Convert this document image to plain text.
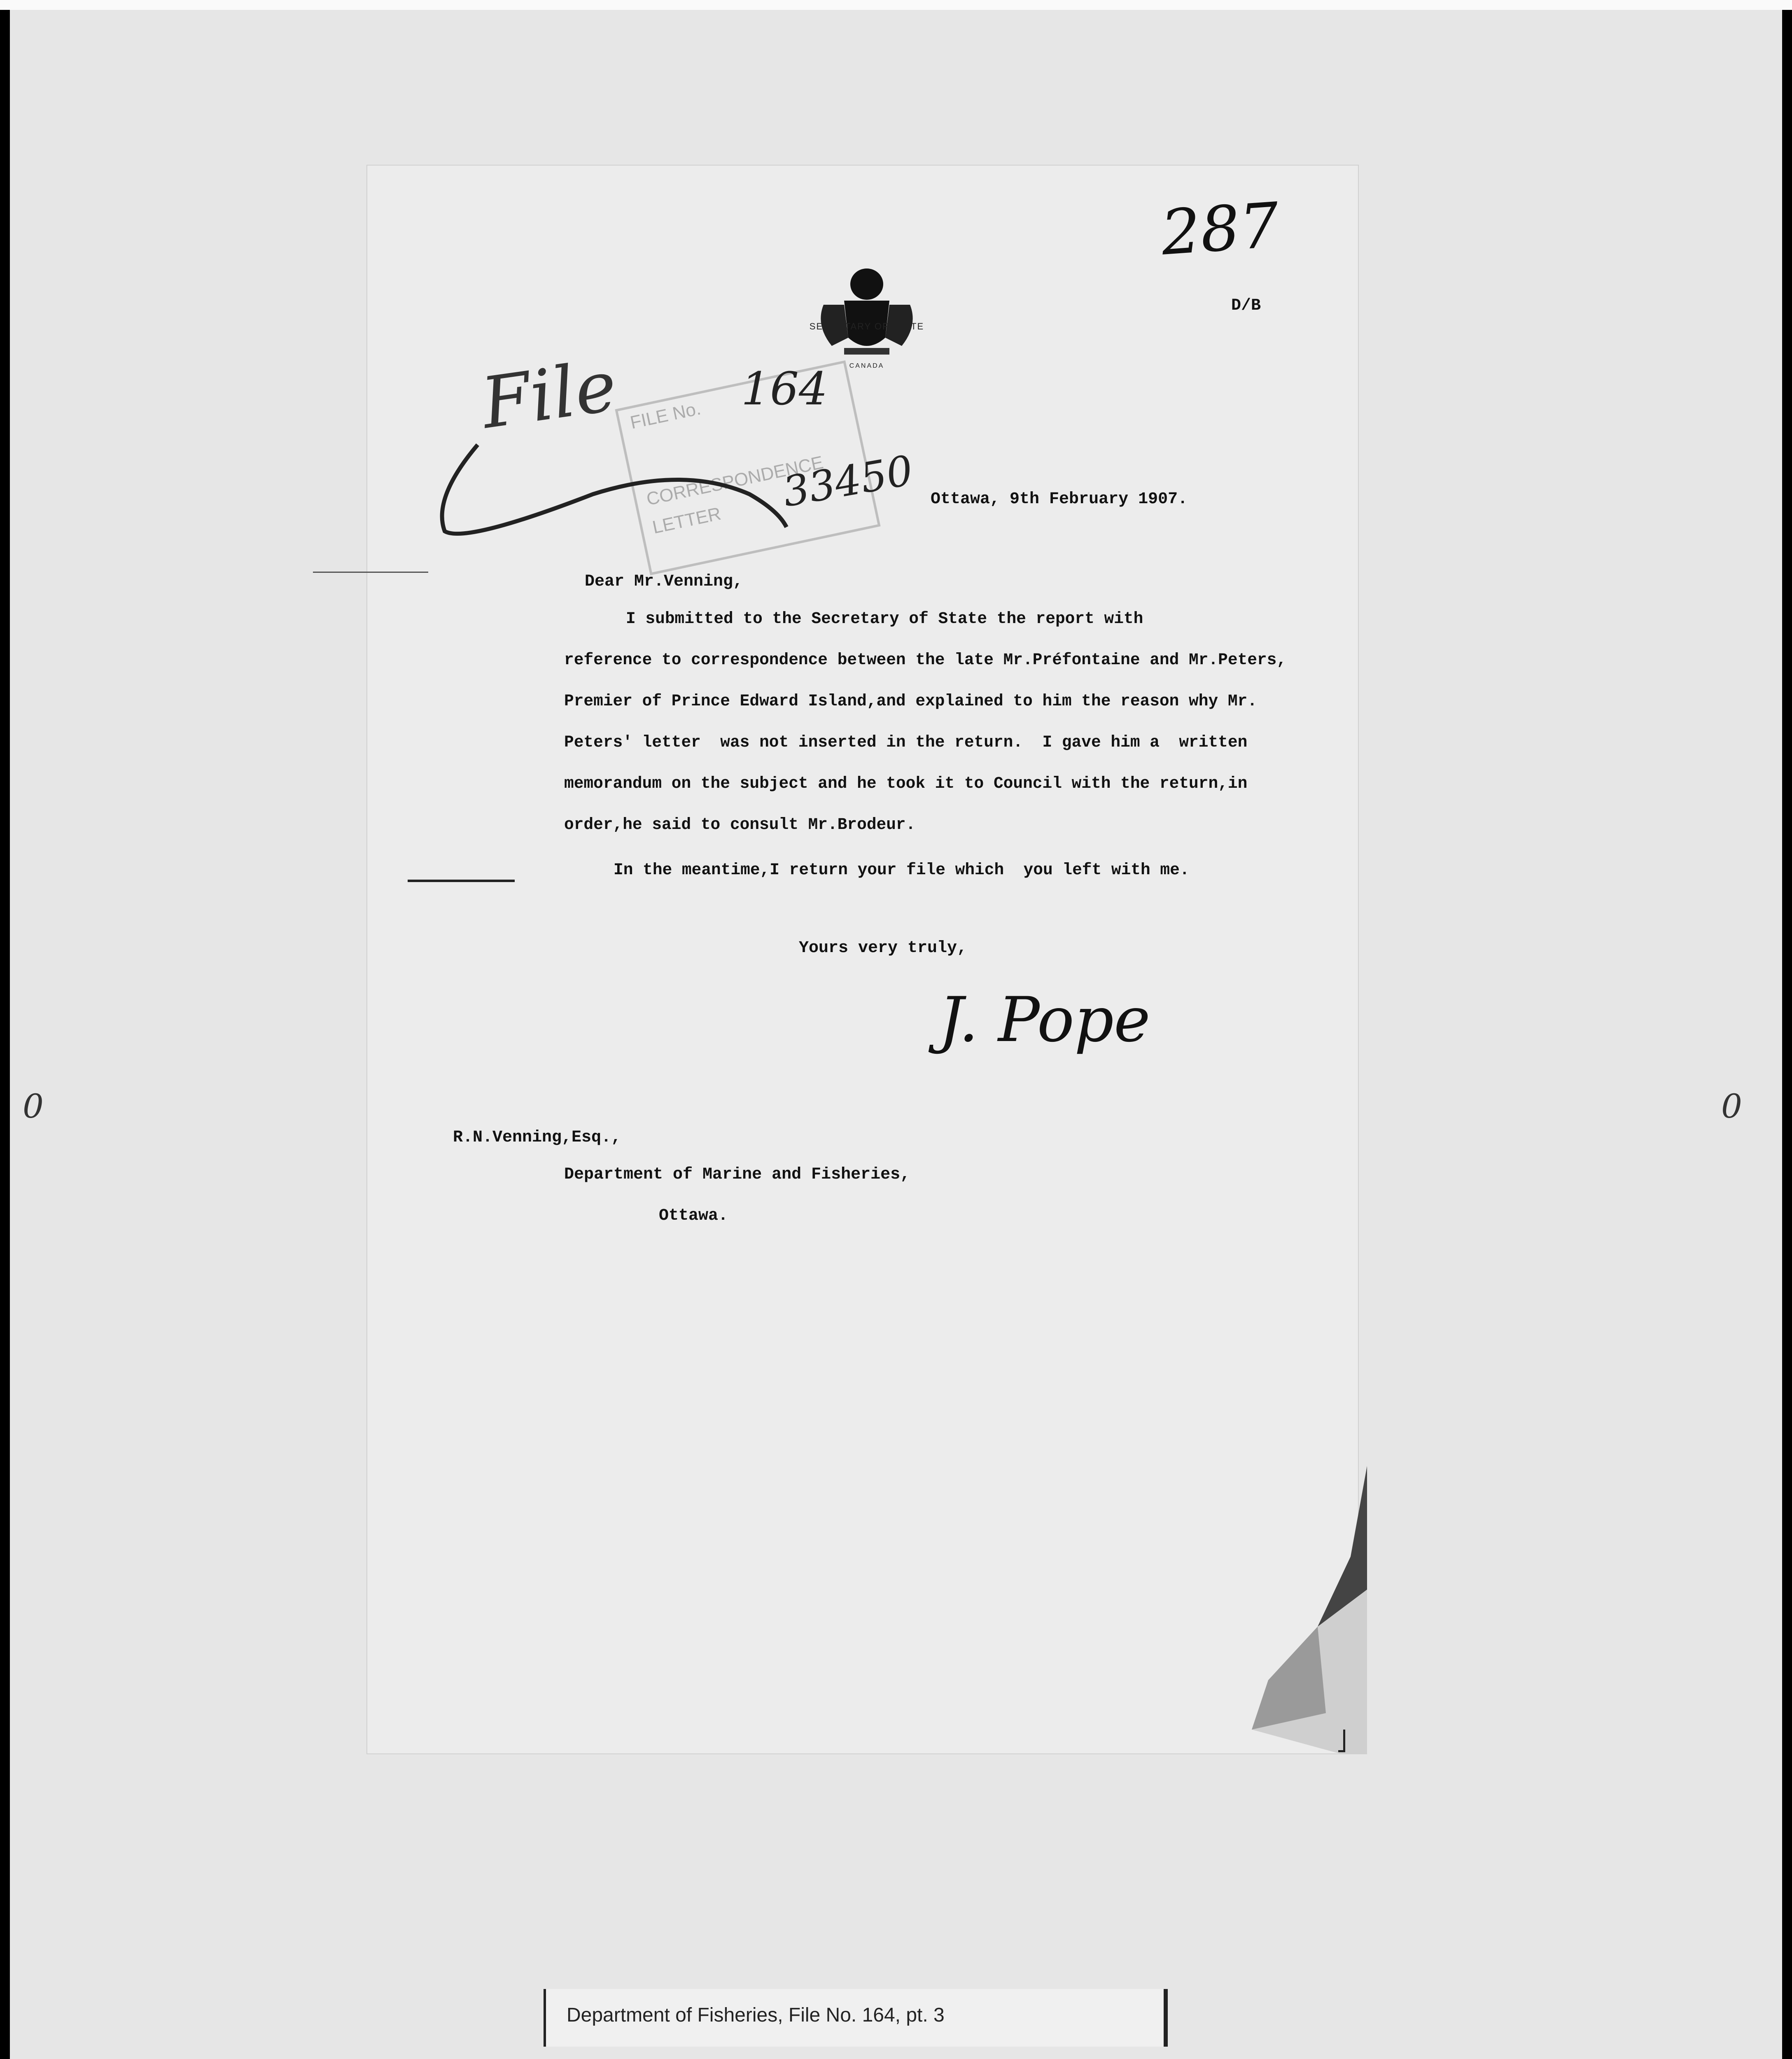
287
D/B
SECRETARY OF STATE
CANADA
FILE No.
CORRESPONDENCE
LETTER
File	164
33450 Ottawa, 9th February 1907.
Dear Mr.Venning,
I submitted to the Secretary of State the report with
reference to correspondence between the late Mr.Préfontaine and Mr.Peters,
Premier of Prince Edward Island,and explained to him the reason why Mr.
Peters' letter  was not inserted in the return.  I gave him a  written
memorandum on the subject and he took it to Council with the return,in
order,he said to consult Mr.Brodeur.
In the meantime,I return your file which  you left with me.
Yours very truly,
J. Pope
R.N.Venning,Esq.,
Department of Marine and Fisheries,
Ottawa.
0	0
Department of Fisheries, File No. 164, pt. 3
